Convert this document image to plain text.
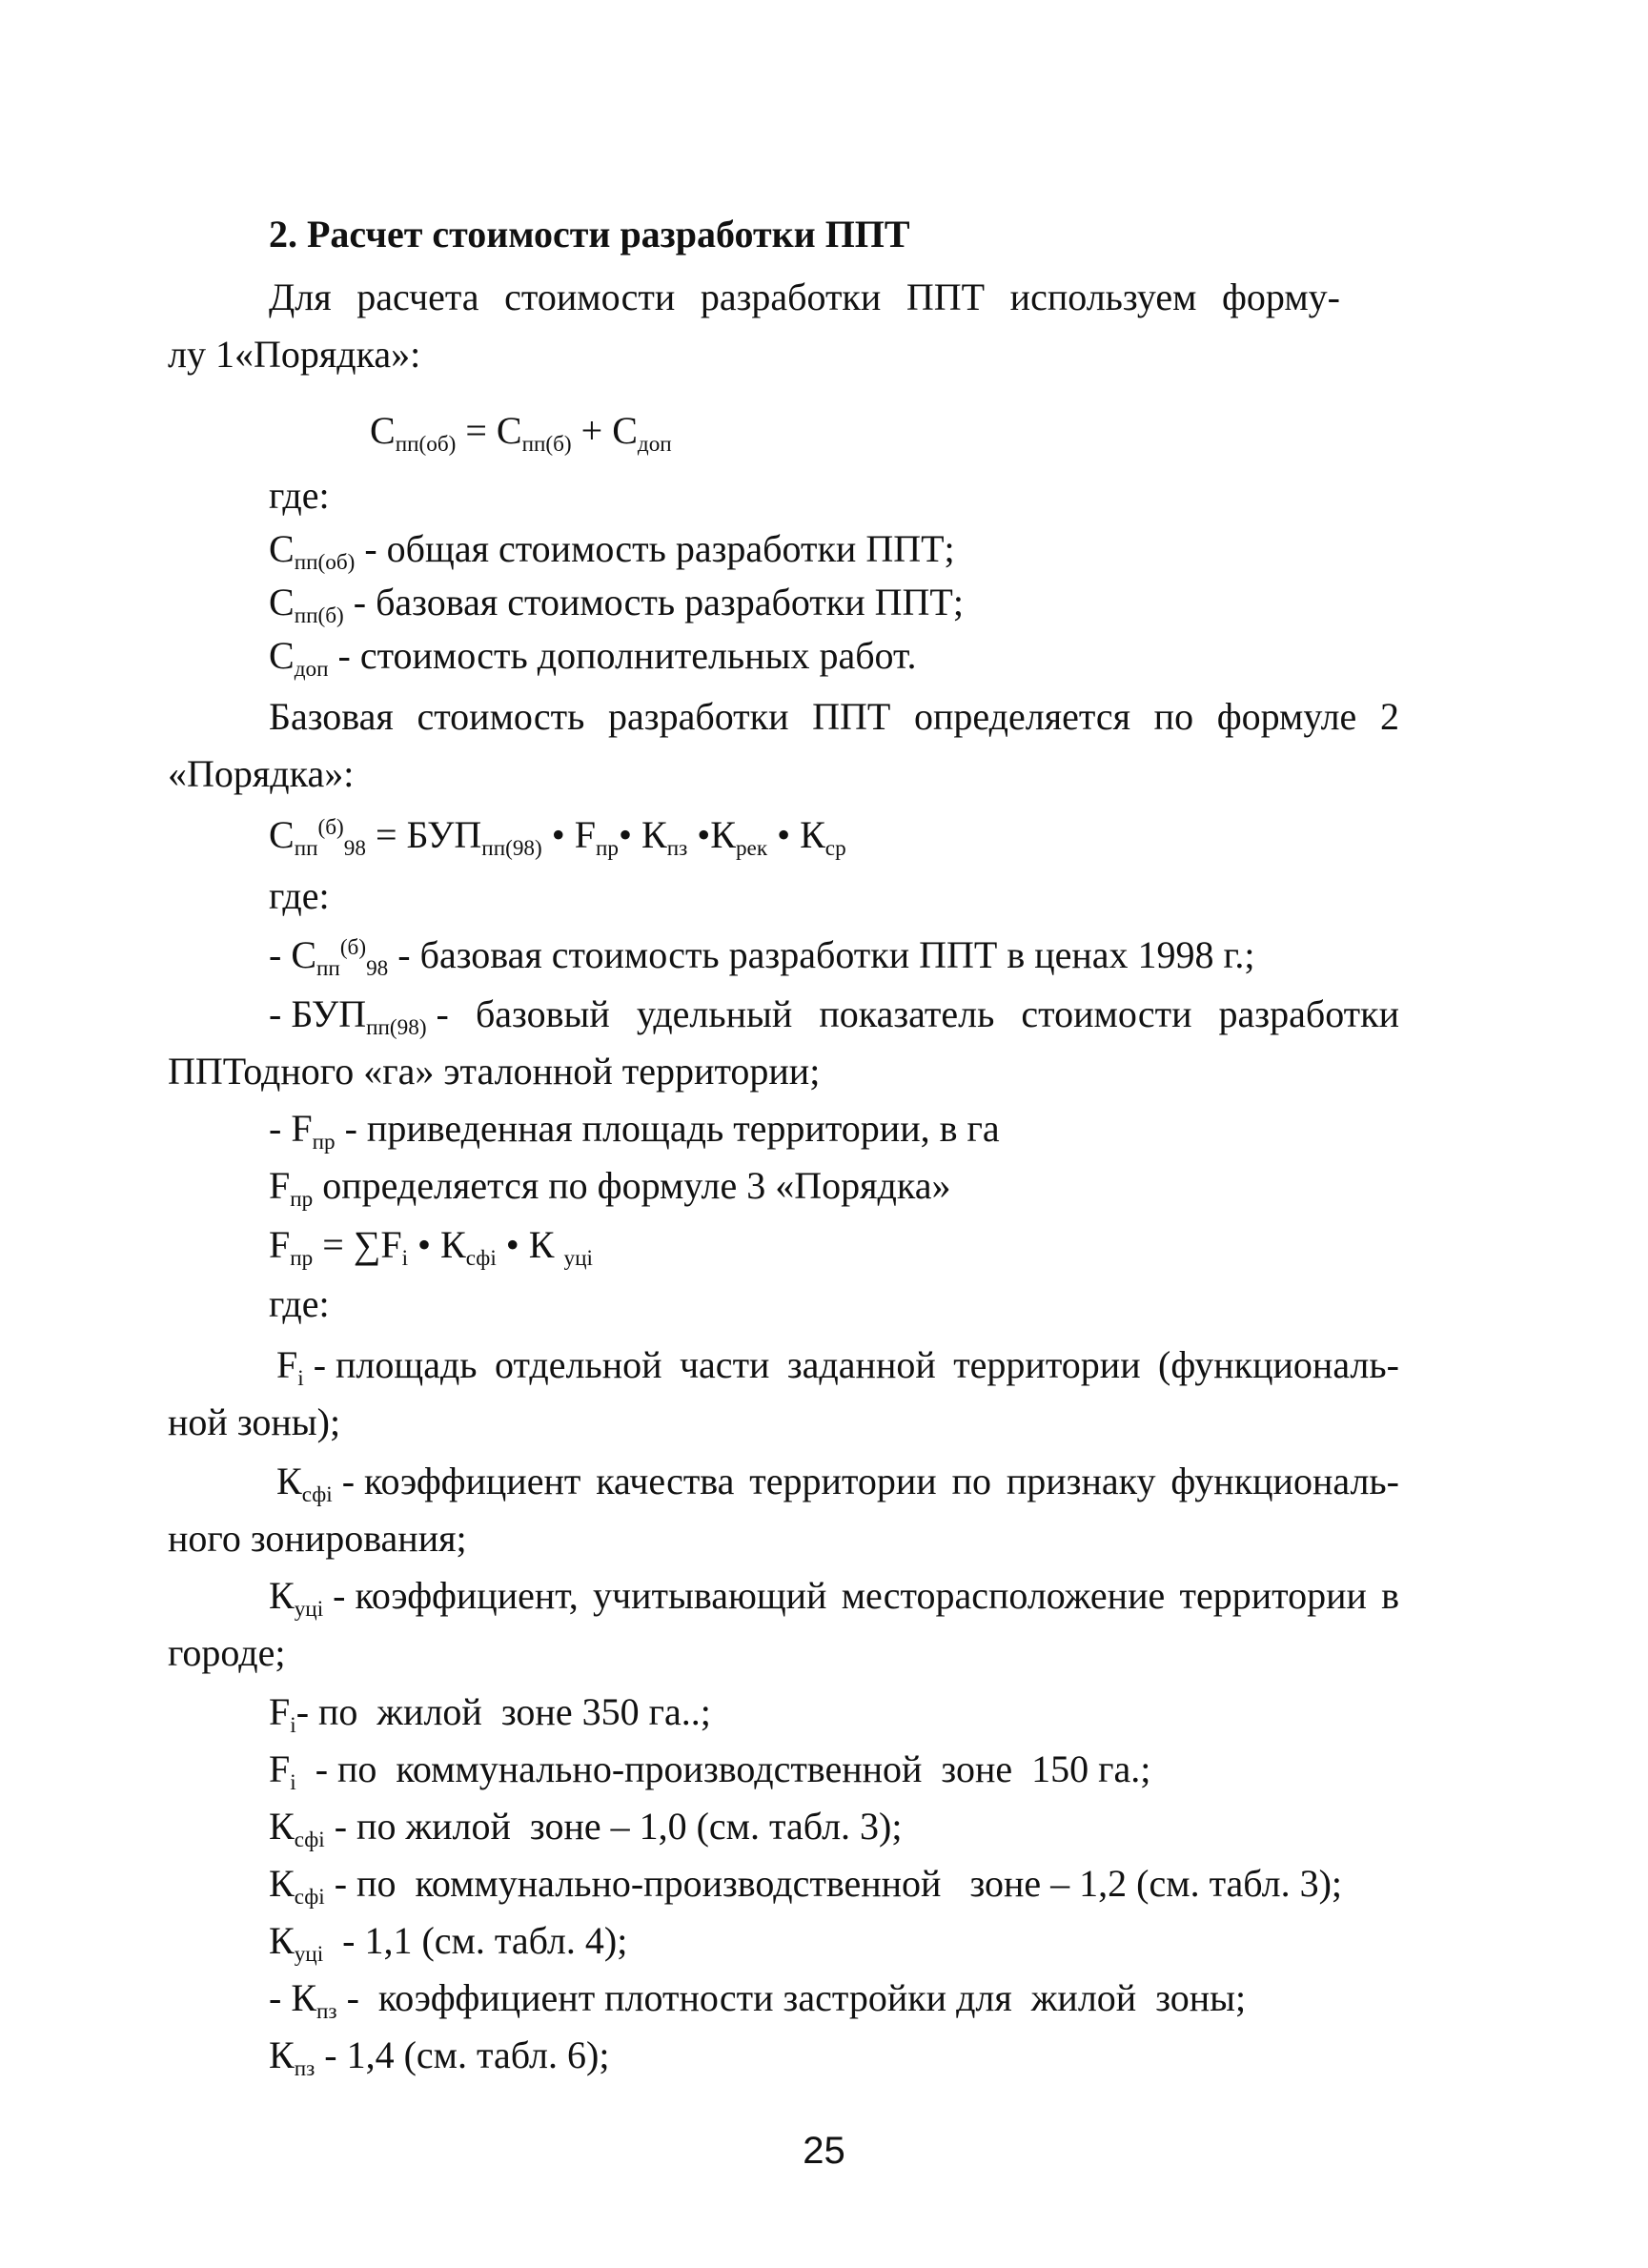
2. Расчет стоимости разработки ППТ
Для расчета стоимости разработки ППТ используем форму-
лу 1«Порядка»:
$С_{пп(об)} = С_{пп(б)} + С_{доп}$
где:
$С_{пп(об)}$ - общая стоимость разработки ППТ;
$С_{пп(б)}$ - базовая стоимость разработки ППТ;
$С_{доп}$ - стоимость дополнительных работ.
Базовая стоимость разработки ППТ определяется по формуле 2
«Порядка»:
$С_{пп}^{(б)}_{98} = БУП_{пп(98)}$ • $F_{пр}•$ $К_{пз}$ $•К_{рек}$ • $К_{ср}$
где:
- $С_{пп}^{(б)}_{98}$ - базовая стоимость разработки ППТ в ценах 1998 г.;
- $БУП_{пп(98)}$ - базовый удельный показатель стоимости разработки
ППТодного «га» эталонной территории;
- $F_{пр}$ - приведенная площадь территории, в га
$F_{пр}$ определяется по формуле 3 «Порядка»
$F_{пр} = \sum F_i$ • $К_{сфi}$ • К $_{уцi}$
где:
$F_i$ - площадь отдельной части заданной территории (функциональ-
ной зоны);
$К_{сфi}$ - коэффициент качества территории по признаку функциональ-
ного зонирования;
$К_{уцi}$ - коэффициент, учитывающий месторасположение территории в
городе;
$F_i-$ по  жилой  зоне 350 га..;
$F_i$  - по  коммунально-производственной  зоне  150 га.;
$К_{сфi}$ - по жилой  зоне – 1,0 (см. табл. 3);
$К_{сфi}$ - по  коммунально-производственной   зоне – 1,2 (см. табл. 3);
$К_{уцi} - 1,1$ (см. табл. 4);
- $К_{пз}$ -  коэффициент плотности застройки для  жилой  зоны;
$К_{пз} - 1,4$ (см. табл. 6);
25
